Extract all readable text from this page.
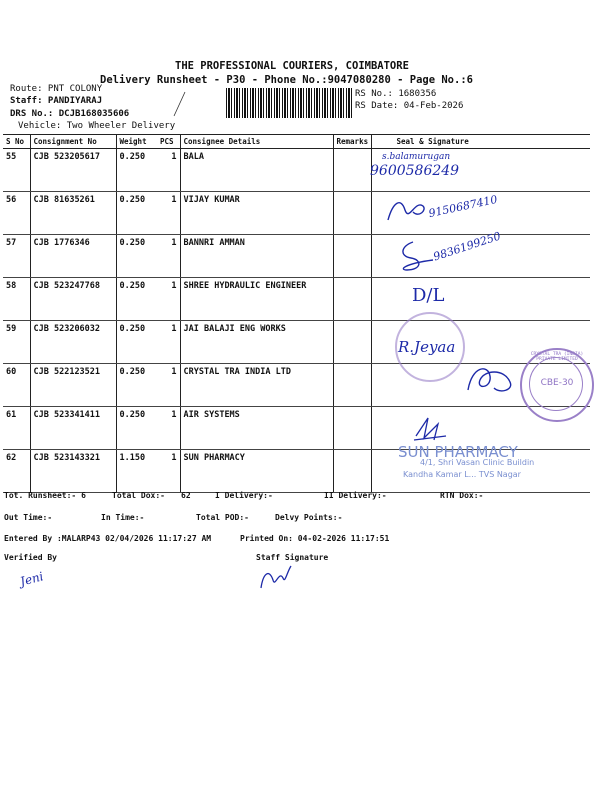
THE PROFESSIONAL COURIERS, COIMBATORE
Delivery Runsheet - P30 - Phone No.:9047080280 - Page No.:6
Route: PNT COLONY
Staff: PANDIYARAJ
DRS No.: DCJB168035606
Vehicle: Two Wheeler Delivery
RS No.: 1680356
RS Date: 04-Feb-2026
S No	Consignment No	Weight	PCS	Consignee Details	Remarks	Seal & Signature
55	CJB 523205617	0.250	1	BALA		
56	CJB 81635261	0.250	1	VIJAY KUMAR		
57	CJB 1776346	0.250	1	BANNRI AMMAN		
58	CJB 523247768	0.250	1	SHREE HYDRAULIC ENGINEER		
59	CJB 523206032	0.250	1	JAI BALAJI ENG WORKS		
60	CJB 522123521	0.250	1	CRYSTAL TRA INDIA LTD		
61	CJB 523341411	0.250	1	AIR SYSTEMS		
62	CJB 523143321	1.150	1	SUN PHARMACY		
s.balamurugan
9600586249
9150687410
9836199250
D/L
R.Jeyaa	CRYSTAL TRA (INDIA) PRIVATE LIMITED
CBE-30
SUN PHARMACY
4/1, Shri Vasan Clinic Buildin
Kandha Kamar L... TVS Nagar
Tot. Runsheet:- 6	Total Dox:- 62	I Delivery:-	II Delivery:-	RTN Dox:-
Out Time:-	In Time:-	Total POD:-	Delvy Points:-
Entered By :MALARP43 02/04/2026 11:17:27 AM	Printed On: 04-02-2026 11:17:51
Verified By	Staff Signature
Jeni
